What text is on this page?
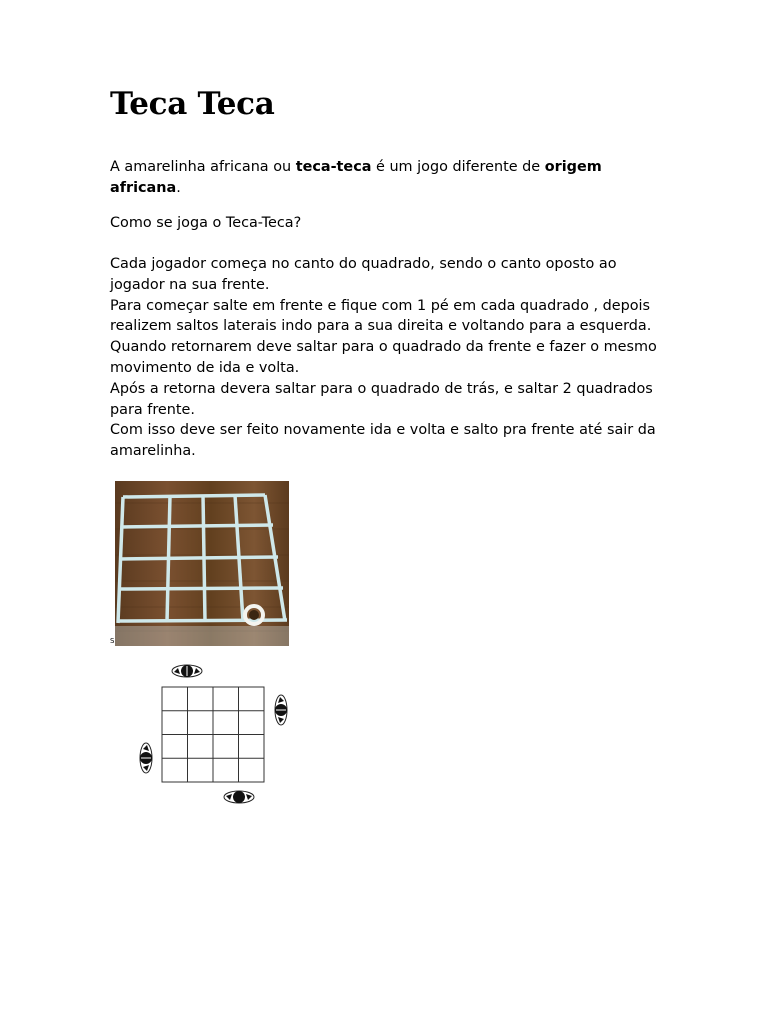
Teca Teca

A amarelinha africana ou teca-teca é um jogo diferente de origem africana.

Como se joga o Teca-Teca?

Cada jogador começa no canto do quadrado, sendo o canto oposto ao jogador na sua frente.
Para começar salte em frente e fique com 1 pé em cada quadrado , depois realizem saltos laterais indo para a sua direita e voltando para a esquerda.
Quando retornarem deve saltar para o quadrado da frente e fazer o mesmo movimento de ida e volta.
Após a retorna devera saltar para o quadrado de trás, e saltar 2 quadrados para frente.
Com isso deve ser feito novamente ida e volta e salto pra frente até sair da amarelinha.
S
